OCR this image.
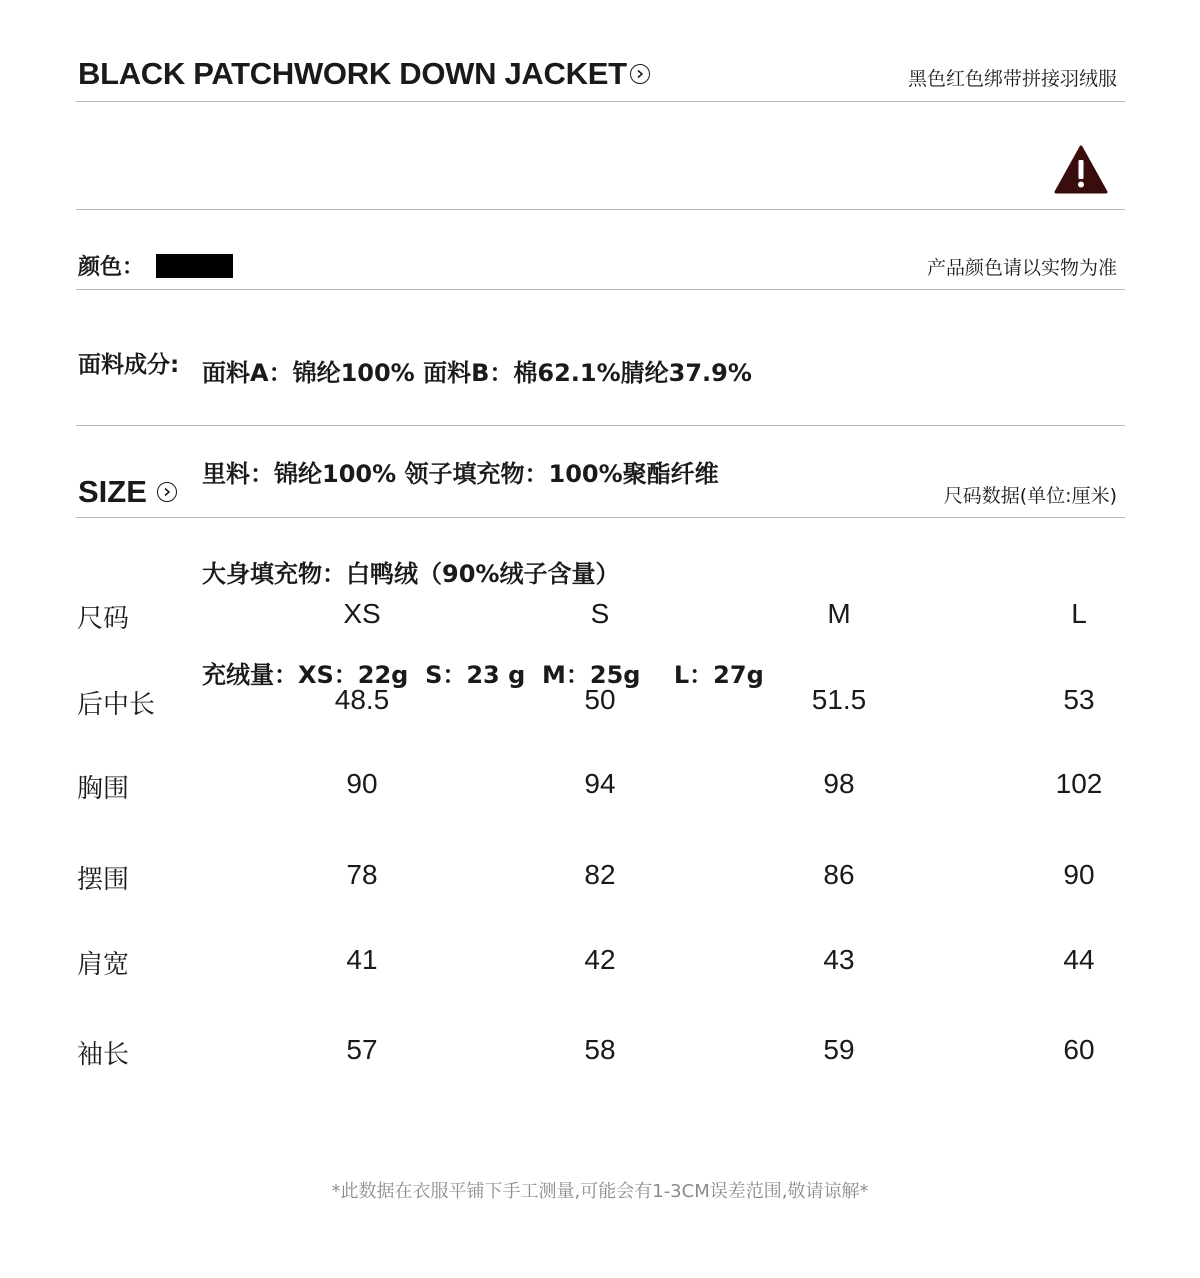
BLACK PATCHWORK DOWN JACKET	黑色红色绑带拼接羽绒服
颜色：	产品颜色请以实物为准
面料成分:

面料A：锦纶100% 面料B：棉62.1%腈纶37.9%

里料：锦纶100% 领子填充物：100%聚酯纤维

大身填充物：白鸭绒（90%绒子含量）

充绒量：XS：22g  S：23 g  M：25g    L：27g

SIZE	尺码数据(单位:厘米)
尺码	XS	S	M	L
后中长	48.5	50	51.5	53
胸围	90	94	98	102
摆围	78	82	86	90
肩宽	41	42	43	44
袖长	57	58	59	60
*此数据在衣服平铺下手工测量,可能会有1-3CM误差范围,敬请谅解*
